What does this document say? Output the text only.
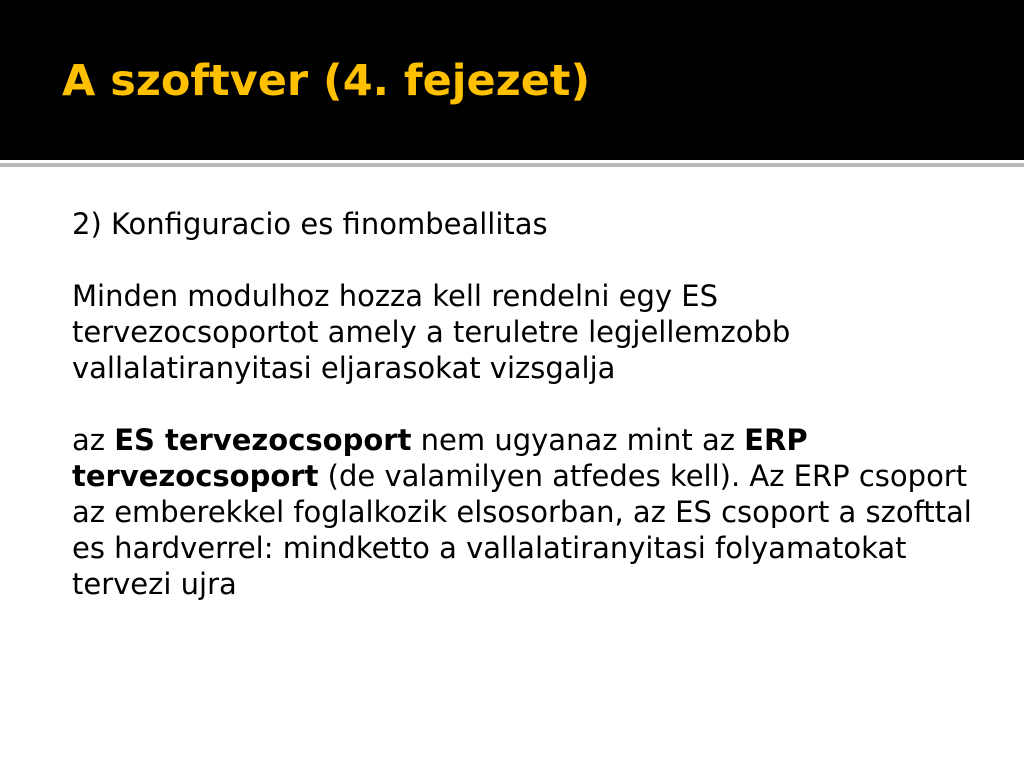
A szoftver (4. fejezet)

2) Konfiguracio es finombeallitas

Minden modulhoz hozza kell rendelni egy ES tervezocsoportot amely a teruletre legjellemzobb vallalatiranyitasi eljarasokat vizsgalja

az ES tervezocsoport nem ugyanaz mint az ERP tervezocsoport (de valamilyen atfedes kell). Az ERP csoport az emberekkel foglalkozik elsosorban, az ES csoport a szofttal es hardverrel: mindketto a vallalatiranyitasi folyamatokat tervezi ujra
